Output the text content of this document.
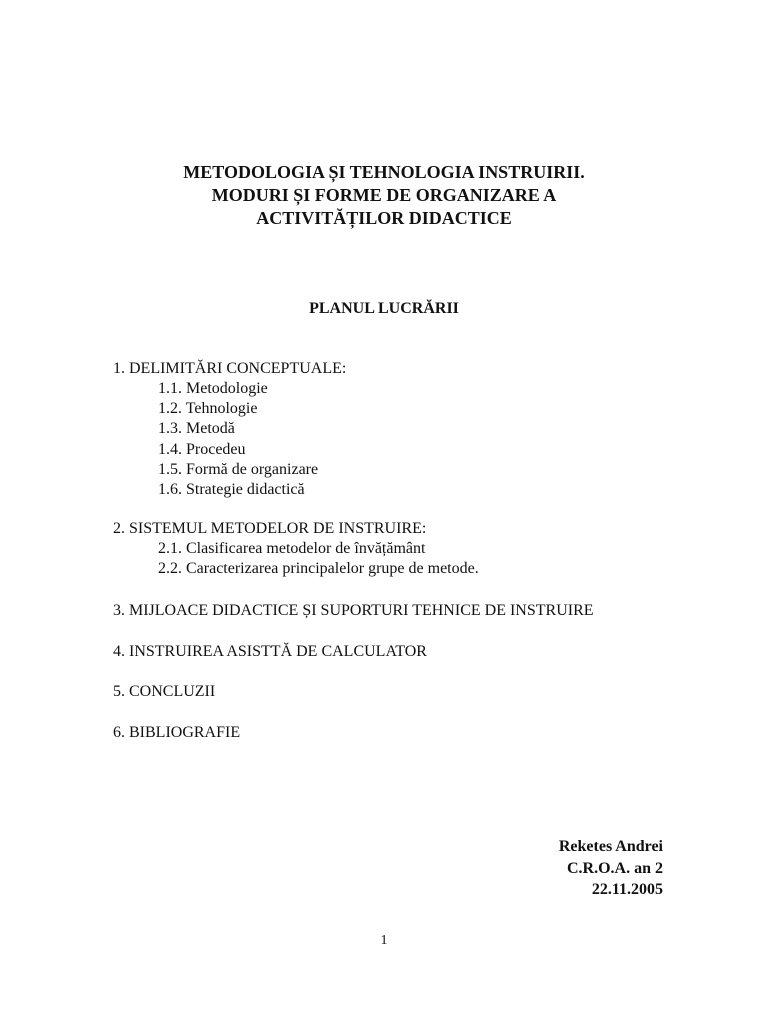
METODOLOGIA ȘI TEHNOLOGIA INSTRUIRII.
MODURI ȘI FORME DE ORGANIZARE A
ACTIVITĂȚILOR DIDACTICE
PLANUL LUCRĂRII
1. DELIMITĂRI CONCEPTUALE:
1.1. Metodologie
1.2. Tehnologie
1.3. Metodă
1.4. Procedeu
1.5. Formă de organizare
1.6. Strategie didactică
2. SISTEMUL METODELOR DE INSTRUIRE:
2.1. Clasificarea metodelor de învățământ
2.2. Caracterizarea principalelor grupe de metode.
3. MIJLOACE DIDACTICE ȘI SUPORTURI TEHNICE DE INSTRUIRE
4. INSTRUIREA ASISTTĂ DE CALCULATOR
5. CONCLUZII
6. BIBLIOGRAFIE
Reketes Andrei
C.R.O.A. an 2
22.11.2005
1
